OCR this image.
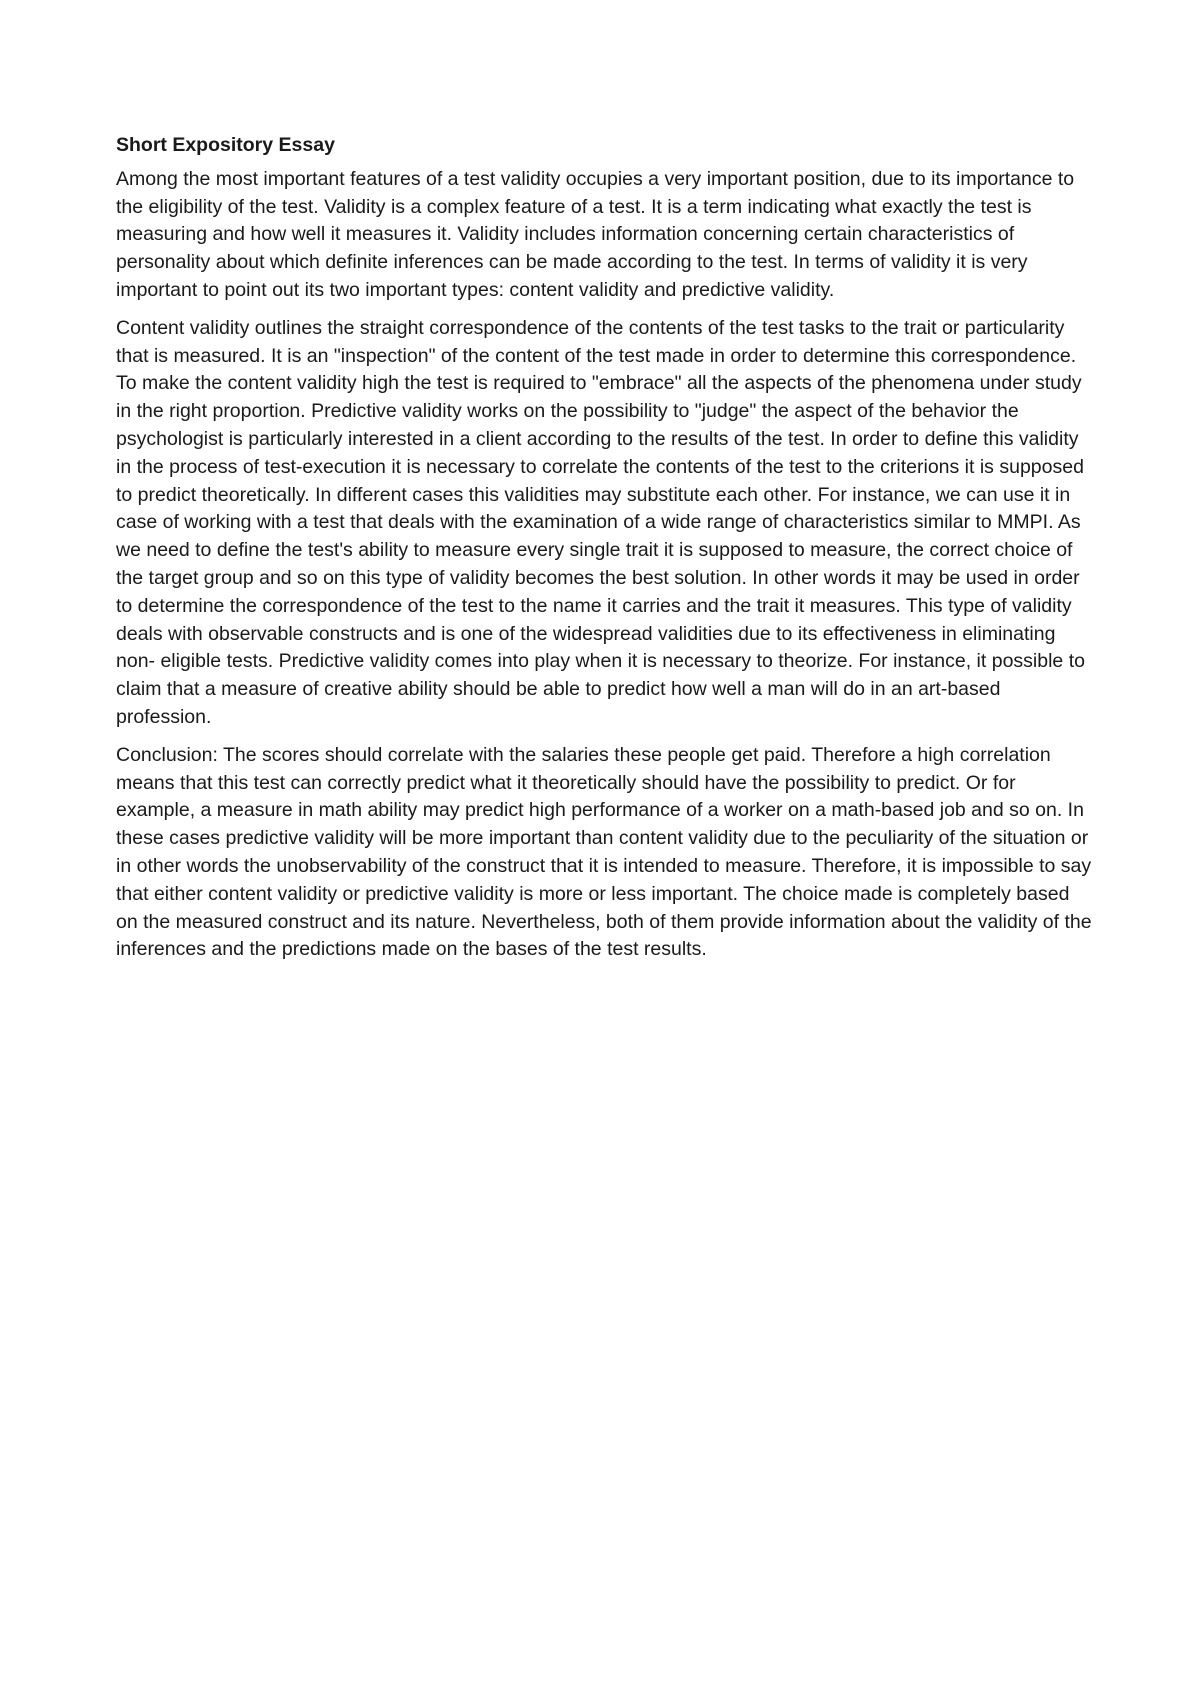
Short Expository Essay

Among the most important features of a test validity occupies a very important position, due to its importance to the eligibility of the test. Validity is a complex feature of a test. It is a term indicating what exactly the test is measuring and how well it measures it. Validity includes information concerning certain characteristics of personality about which definite inferences can be made according to the test. In terms of validity it is very important to point out its two important types: content validity and predictive validity.

Content validity outlines the straight correspondence of the contents of the test tasks to the trait or particularity that is measured. It is an "inspection" of the content of the test made in order to determine this correspondence. To make the content validity high the test is required to "embrace" all the aspects of the phenomena under study in the right proportion. Predictive validity works on the possibility to "judge" the aspect of the behavior the psychologist is particularly interested in a client according to the results of the test. In order to define this validity in the process of test-execution it is necessary to correlate the contents of the test to the criterions it is supposed to predict theoretically. In different cases this validities may substitute each other. For instance, we can use it in case of working with a test that deals with the examination of a wide range of characteristics similar to MMPI. As we need to define the test's ability to measure every single trait it is supposed to measure, the correct choice of the target group and so on this type of validity becomes the best solution. In other words it may be used in order to determine the correspondence of the test to the name it carries and the trait it measures. This type of validity deals with observable constructs and is one of the widespread validities due to its effectiveness in eliminating non- eligible tests. Predictive validity comes into play when it is necessary to theorize. For instance, it possible to claim that a measure of creative ability should be able to predict how well a man will do in an art-based profession.

Conclusion: The scores should correlate with the salaries these people get paid. Therefore a high correlation means that this test can correctly predict what it theoretically should have the possibility to predict. Or for example, a measure in math ability may predict high performance of a worker on a math-based job and so on. In these cases predictive validity will be more important than content validity due to the peculiarity of the situation or in other words the unobservability of the construct that it is intended to measure. Therefore, it is impossible to say that either content validity or predictive validity is more or less important. The choice made is completely based on the measured construct and its nature. Nevertheless, both of them provide information about the validity of the inferences and the predictions made on the bases of the test results.
